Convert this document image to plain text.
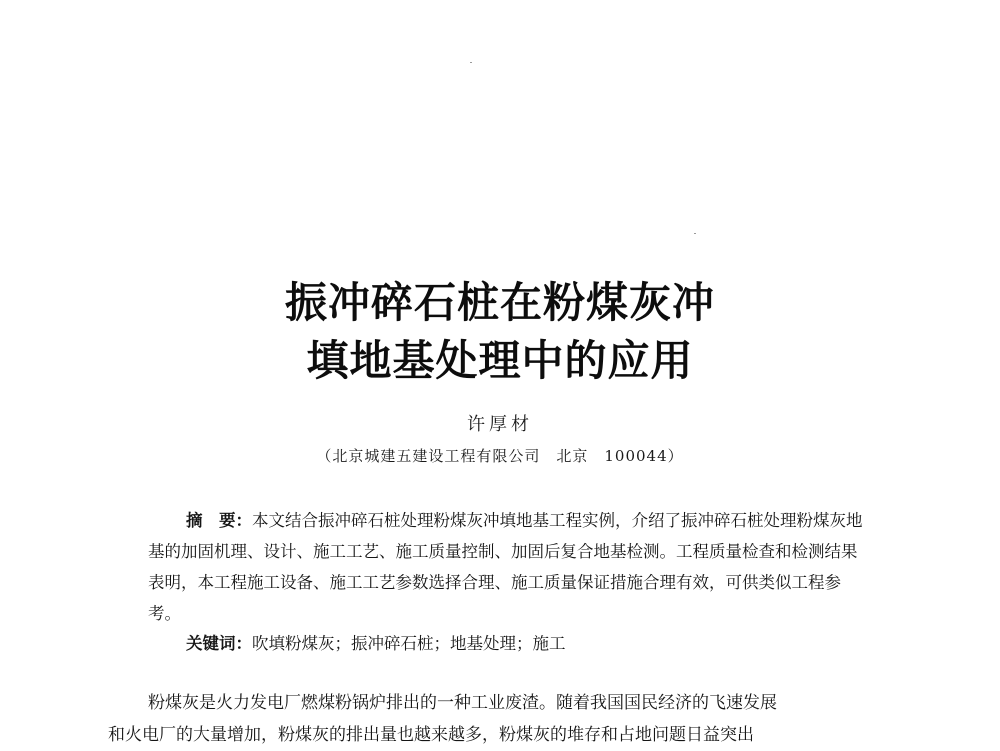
振冲碎石桩在粉煤灰冲
填地基处理中的应用
许厚材
（北京城建五建设工程有限公司　北京　100044）

摘　要：本文结合振冲碎石桩处理粉煤灰冲填地基工程实例，介绍了振冲碎石桩处理粉煤灰地基的加固机理、设计、施工工艺、施工质量控制、加固后复合地基检测。工程质量检查和检测结果表明，本工程施工设备、施工工艺参数选择合理、施工质量保证措施合理有效，可供类似工程参考。

关键词：吹填粉煤灰；振冲碎石桩；地基处理；施工
粉煤灰是火力发电厂燃煤粉锅炉排出的一种工业废渣。随着我国国民经济的飞速发展
和火电厂的大量增加，粉煤灰的排出量也越来越多，粉煤灰的堆存和占地问题日益突出
